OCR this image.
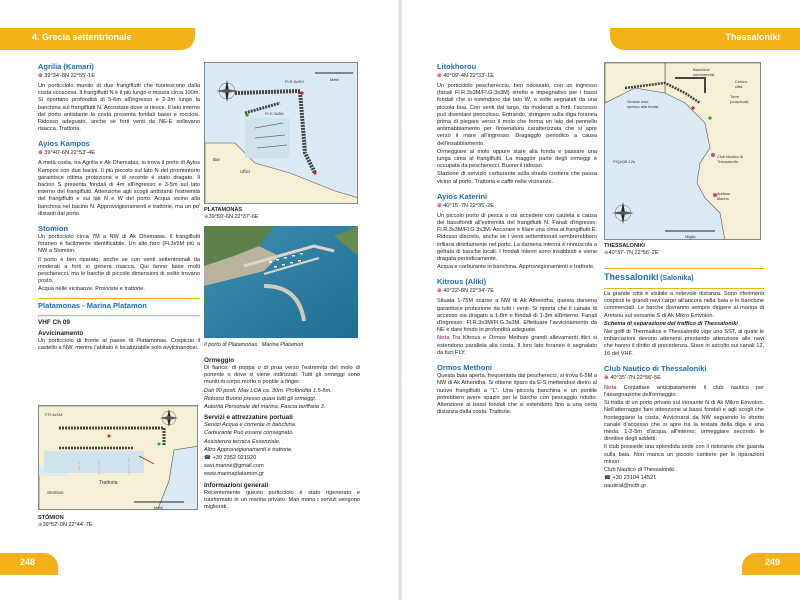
4. Grecia settentrionale	Thessaloniki
248	249
Agrilia (Kamari)
⊕ 39°34'-8N 22°55'-1E

Un porticciolo munito di due frangiflutti che fuoriescono dalla costa scoscesa. Il frangiflutti N è il più lungo e misura circa 100m. Si riportano profondità di 5-6m all'ingresso e 2-3m lungo la banchina sul frangiflutti N. Accostare dove si riesce. Il lato interno del porto antistante la costa presenta fondali bassi e rocciosi. Ridosso adeguato, anche se forti venti da NE-E sollevano risacca. Trattoria.

Ayios Kampos
⊕ 39°40'-6N 22°53'-4E

A metà costa, tra Agrilia e Ak Dhematas, si trova il porto di Ayios Kampos con due bacini. Il più piccolo sul lato N del promontorio garantisce ottima protezione e di recente è stato dragato. Il bacino S presenta fondali di 4m all'ingresso e 3-5m sul lato interno del frangiflutti. Attenzione agli scogli antistanti l'estremità del frangiflutti e sui lati N e W del porto. Acqua vicino alla banchina nel bacino N. Approvvigionamenti e trattorie, ma un po' distanti dal porto.

Stomion

Un porticciolo circa 7M a NW di Ak Dhematas. Il frangiflutti foraneo è facilmente identificabile. Un alto faro (Fl.3s5M più a NW a Stomion.

Il porto è ben riparato, anche se con venti settentrionali da moderati a forti si genera risacca. Qui fanno base molti pescherecci, ma le barche di piccole dimensioni di solito trovano posto.

Acqua nelle vicinanze. Provviste e trattorie.

Platamonas - Marina Platamon
VHF Ch 09
Avvicinamento

Un porticciolo di fronte al paese di Platamonas. Cospicuo il castello a NW, mentre l'abitato è localizzabile solo avvicinandosi.

F.R.3sSM
Trattoria
Stomion
Metri
STÓMION
⊕39°52'-0N 22°44'-7E
Fl.R.3sSM
Fl.G.3s3M
Bar
Uffici
Metri
PLATAMONAS
⊕39°59'-6N 22°37'-6E
Il porto di Platamonas. Marina Platamon
Ormeggio

Di fianco, di poppa o di prua verso l'estremità del molo di ponente o dove si viene indirizzati. Tutti gli ormeggi sono muniti di corpo morto o pontile a finger.

Dati 90 posti. Max LOA ca. 30m. Profondità 1.5-5m.

Ridosso Buono presso quasi tutti gli ormeggi.

Autorità Personale del marina. Fascia tariffaria 3.

Servizi e attrezzature portuali

Servizi Acqua e corrente in banchina.

Carburante Può essere consegnato.

Assistenza tecnica Essenziale.

Altro Approvvigionamenti e trattorie.

☎ +30 2352 021920

savi.marine@gmail.com

www.marinaplatamon.gr

Informazioni generali

Recentemente questo porticciolo è stato rigenerato e trasformato in un marina privato. Man mano i servizi vengono migliorati.

Litokhorou
⊕ 40°09'-4N 22°33'-1E

Un porticciolo peschereccio, ben ridossato, con un ingresso (fanali Fl.R.3s3M/Fl.G.3s3M) stretto e impegnativo per i bassi fondali che si estendono dal lato W, a volte segnalati da una piccola boa. Con venti dal largo, da moderati a forti, l'accesso può diventare pericoloso. Entrando, stringere sulla diga foranea prima di piegare verso il molo che forma un lato del pennello antimabbiamento per l'insenatura caratterizzata che si apre verso il mare all'ingresso. Dragaggio periodico a causa dell'insabbiamento.

Ormeggiare al molo oppure stare alla fonda e passare una lunga cima al frangiflutti. La maggior parte degli ormeggi è occupata da pescherecci. Buono il ridosso.

Stazione di servizio carburante sulla strada costiera che passa vicino al porto. Trattoria e caffè nelle vicinanze.

Ayios Katerini
⊕ 40°15'-7N 22°35'-2E

Un piccolo porto di pesca a cui accedere con cautela a causa dei bassifondi all'estremità del frangiflutti N. Fanali d'ingresso: Fl.R.3s3M/Fl.G.3s3M. Ancorare e filare una cima al frangiflutti E. Ridosso discreto, anche se i venti settentrionali sembrerebbero infilarsi direttamente nel porto. La darsena interna è rinnuscola a gettata di banche locali. I fondali interni sono insabbiati e viene dragata periodicamente.

Acqua e carburante in banchina. Approvvigionamenti e trattorie.

Kitrous (Aliki)
⊕ 40°22'-8N 22°34'-7E

Situata 1-75M scarse a NW di Ak Atheridha, questa darsena garantisce protezione da tutti i venti. Si riporta che il canale di accesso sia dragato a 1-8m e fondali di 1-3m all'interno. Fanali d'ingresso: Fl.R.3s3M/Fl.G.3s3M. Effettuare l'avvicinamento da NE e dare fondo in profondità adeguate.

Nota Tra Kitrous e Ormos Methoni grandi allevamenti ittici si estendono parallela alla costa. Il loro lato foraneo è segnalato da fuci FLY.

Ormos Methoni

Questa baia aperta, frequentata dai pescherecci, si trova 6-5M a NW di Ak Atheridha. Si ottiene riparo da E-S mettendosi dietro al nuovo frangiflutti a "L". Una piccola banchina e un pontile potrebbero avere spazio per le barche con pescaggio ridotto. Attenzione ai bassi fondali che si estendono fino a una certa distanza dalla costa. Trattorie.

Banchine
commerciali
Centro
città
Torre
(cospicua)
Grosse navi
spesso alla fonda
Club Nautico di
Thessaloniki
Aretsou
Marina
FIQ(4)R.12s
Miglia
THESSALONIKI
⊕40°37'-7N 22°56'-2E
Thessaloniki (Salonika)

La grande città è visibile a notevole distanza. Sono riferimenti cospicui le grandi navi cargo all'ancora nella baia e le banchine commerciali. Le barche dovranno sempre dirigere al marina di Aretsou sul versante S di Ak Mikro Emvolon.

Schema di separazione del traffico di Thessaloniki

Nei golfi di Thermaikos e Thessaloniki vige uno SST, al quale le imbarcazioni devono attenersi prestando attenzione alle navi che hanno il diritto di precedenza. Stare in ascolto sui canali 12, 16 del VHF.

Club Nautico di Thessaloniki
⊕ 40°35'-7N 22°56'-5E

Nota Contattare anticipatamente il club nautico per l'assegnazione dell'ormeggio.

Si tratta di un porto privato sul versante N di Ak Mikro Emvolon. Nell'atterraggio fare attenzione ai bassi fondali e agli scogli che fronteggiano la costa. Avvicinarsi da NW seguendo lo stretto canale d'accesso che si apre tra la testata della diga e una meda. 1-2-5m d'acqua all'interno; ormeggiare secondo le direttive degli addetti.

Il club possiede una splendida sede con il ristorante che guarda sulla baia. Non manca un piccolo cantiere per le riparazioni minori.

Club Nautico di Thessaloniki

☎ +30 23104 14521

nautical@ncth.gr
